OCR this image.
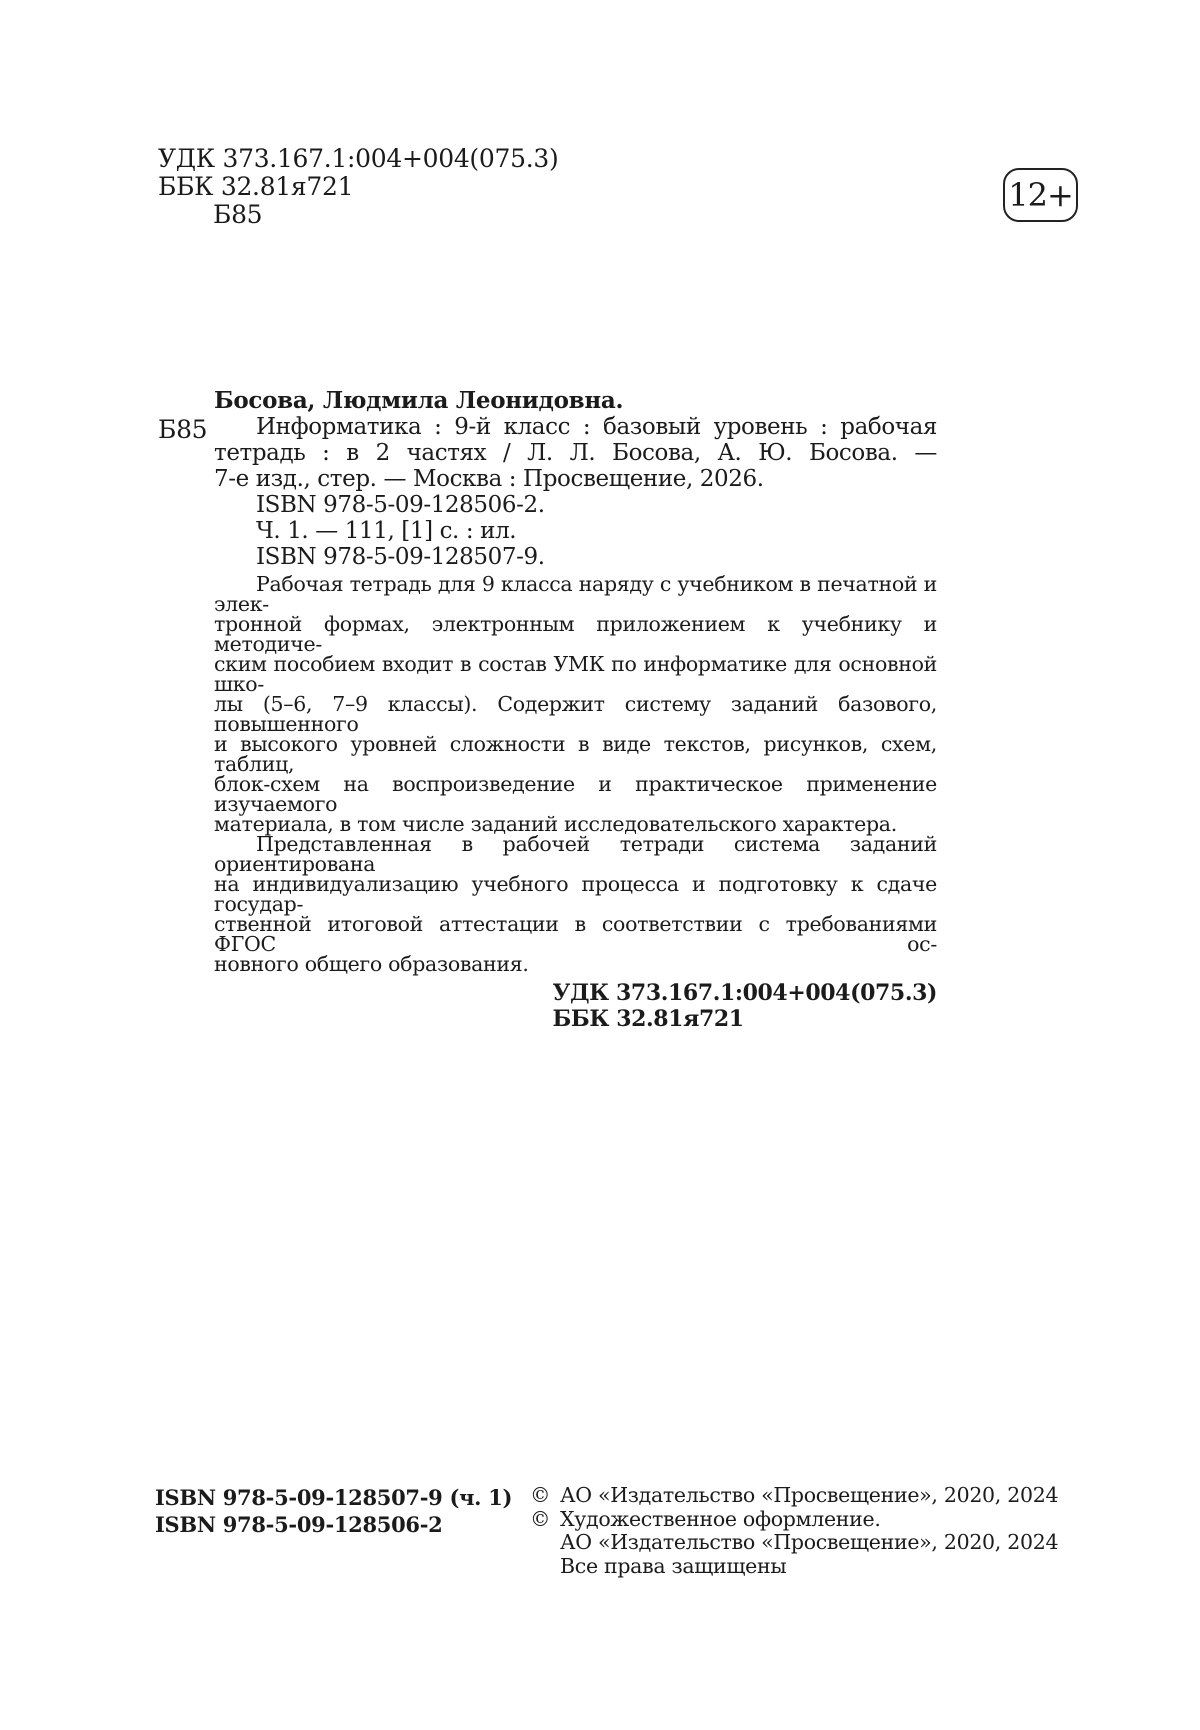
УДК 373.167.1:004+004(075.3)
ББК 32.81я721
Б85
12+
Босова, Людмила Леонидовна.
Б85	Информатика : 9-й класс : базовый уровень : рабочая
тетрадь : в 2 частях / Л. Л. Босова, А. Ю. Босова. —
7-е изд., стер. — Москва : Просвещение, 2026.
ISBN 978-5-09-128506-2.
Ч. 1. — 111, [1] с. : ил.
ISBN 978-5-09-128507-9.
Рабочая тетрадь для 9 класса наряду с учебником в печатной и элек-
тронной формах, электронным приложением к учебнику и методиче-
ским пособием входит в состав УМК по информатике для основной шко-
лы (5–6, 7–9 классы). Содержит систему заданий базового, повышенного
и высокого уровней сложности в виде текстов, рисунков, схем, таблиц,
блок-схем на воспроизведение и практическое применение изучаемого
материала, в том числе заданий исследовательского характера.
Представленная в рабочей тетради система заданий ориентирована
на индивидуализацию учебного процесса и подготовку к сдаче государ-
ственной итоговой аттестации в соответствии с требованиями ФГОС ос-
новного общего образования.
УДК 373.167.1:004+004(075.3)
ББК 32.81я721
ISBN 978-5-09-128507-9 (ч. 1)
ISBN 978-5-09-128506-2
© АО «Издательство «Просвещение», 2020, 2024
© Художественное оформление.
АО «Издательство «Просвещение», 2020, 2024
Все права защищены
